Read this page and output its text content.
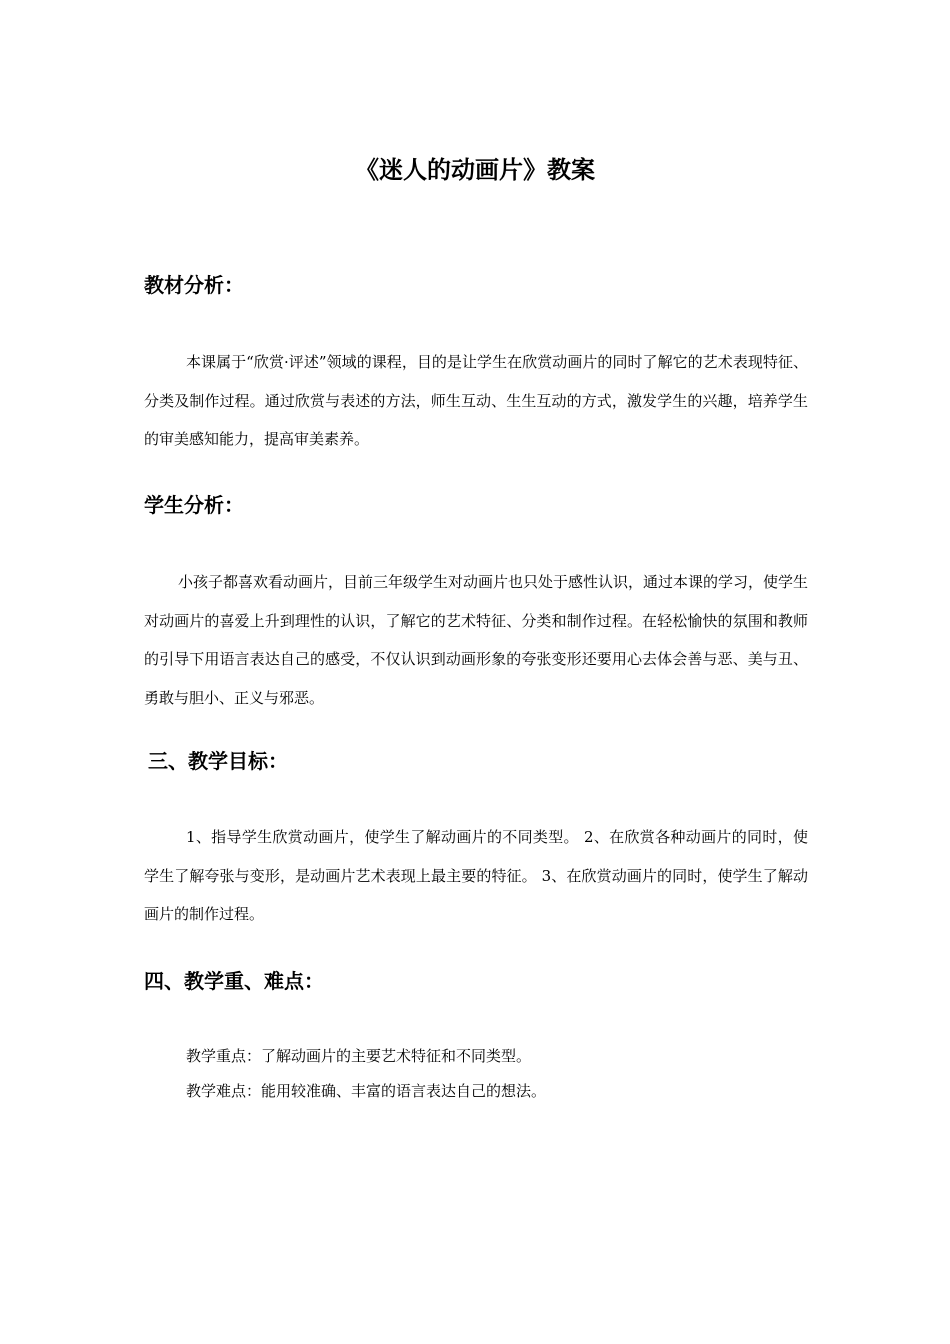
《迷人的动画片》教案
教材分析：

本课属于“欣赏·评述”领域的课程，目的是让学生在欣赏动画片的同时了解它的艺术表现特征、分类及制作过程。通过欣赏与表述的方法，师生互动、生生互动的方式，激发学生的兴趣，培养学生的审美感知能力，提高审美素养。

学生分析：

小孩子都喜欢看动画片，目前三年级学生对动画片也只处于感性认识，通过本课的学习，使学生对动画片的喜爱上升到理性的认识，了解它的艺术特征、分类和制作过程。在轻松愉快的氛围和教师的引导下用语言表达自己的感受，不仅认识到动画形象的夸张变形还要用心去体会善与恶、美与丑、勇敢与胆小、正义与邪恶。

三、教学目标：

1、指导学生欣赏动画片，使学生了解动画片的不同类型。 2、在欣赏各种动画片的同时，使学生了解夸张与变形，是动画片艺术表现上最主要的特征。 3、在欣赏动画片的同时，使学生了解动画片的制作过程。

四、教学重、难点：

教学重点：了解动画片的主要艺术特征和不同类型。

教学难点：能用较准确、丰富的语言表达自己的想法。
